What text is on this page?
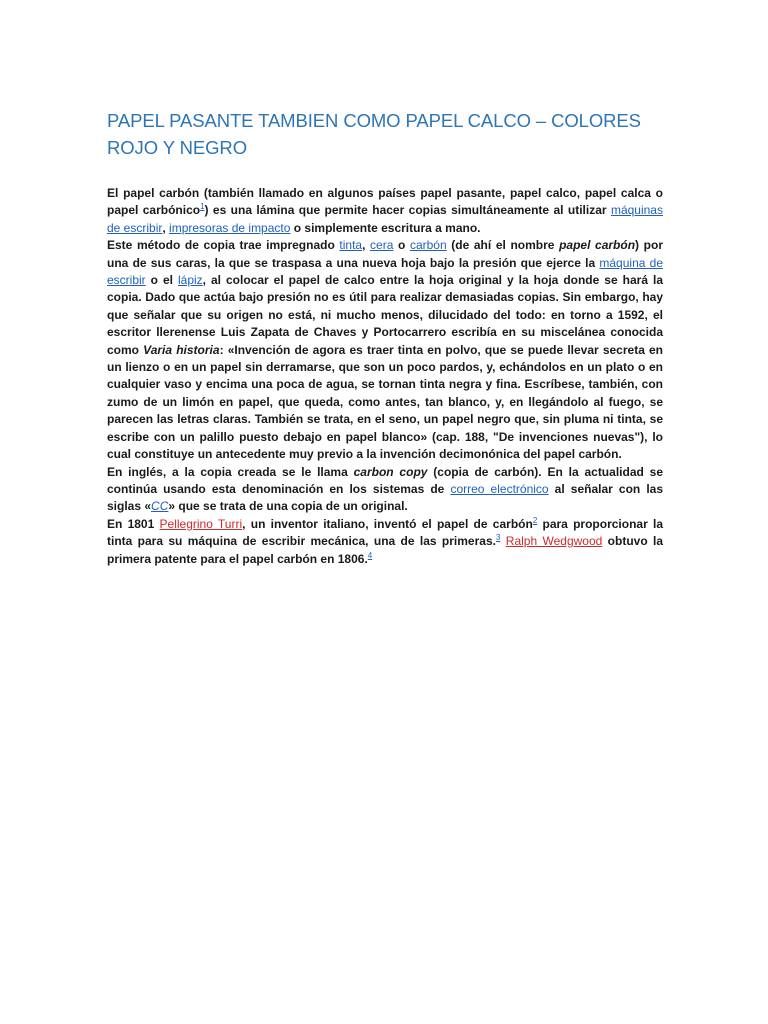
PAPEL PASANTE TAMBIEN COMO PAPEL CALCO – COLORES ROJO Y NEGRO

El papel carbón (también llamado en algunos países papel pasante, papel calco, papel calca o papel carbónico$^1$) es una lámina que permite hacer copias simultáneamente al utilizar máquinas de escribir, impresoras de impacto o simplemente escritura a mano.

Este método de copia trae impregnado tinta, cera o carbón (de ahí el nombre papel carbón) por una de sus caras, la que se traspasa a una nueva hoja bajo la presión que ejerce la máquina de escribir o el lápiz, al colocar el papel de calco entre la hoja original y la hoja donde se hará la copia. Dado que actúa bajo presión no es útil para realizar demasiadas copias. Sin embargo, hay que señalar que su origen no está, ni mucho menos, dilucidado del todo: en torno a 1592, el escritor llerenense Luis Zapata de Chaves y Portocarrero escribía en su miscelánea conocida como Varia historia: «Invención de agora es traer tinta en polvo, que se puede llevar secreta en un lienzo o en un papel sin derramarse, que son un poco pardos, y, echándolos en un plato o en cualquier vaso y encima una poca de agua, se tornan tinta negra y fina. Escríbese, también, con zumo de un limón en papel, que queda, como antes, tan blanco, y, en llegándolo al fuego, se parecen las letras claras. También se trata, en el seno, un papel negro que, sin pluma ni tinta, se escribe con un palillo puesto debajo en papel blanco» (cap. 188, "De invenciones nuevas"), lo cual constituye un antecedente muy previo a la invención decimonónica del papel carbón.

En inglés, a la copia creada se le llama carbon copy (copia de carbón). En la actualidad se continúa usando esta denominación en los sistemas de correo electrónico al señalar con las siglas «CC» que se trata de una copia de un original.

En 1801 Pellegrino Turri, un inventor italiano, inventó el papel de carbón$^2$ para proporcionar la tinta para su máquina de escribir mecánica, una de las primeras.$^3$ Ralph Wedgwood obtuvo la primera patente para el papel carbón en 1806.$^4$
